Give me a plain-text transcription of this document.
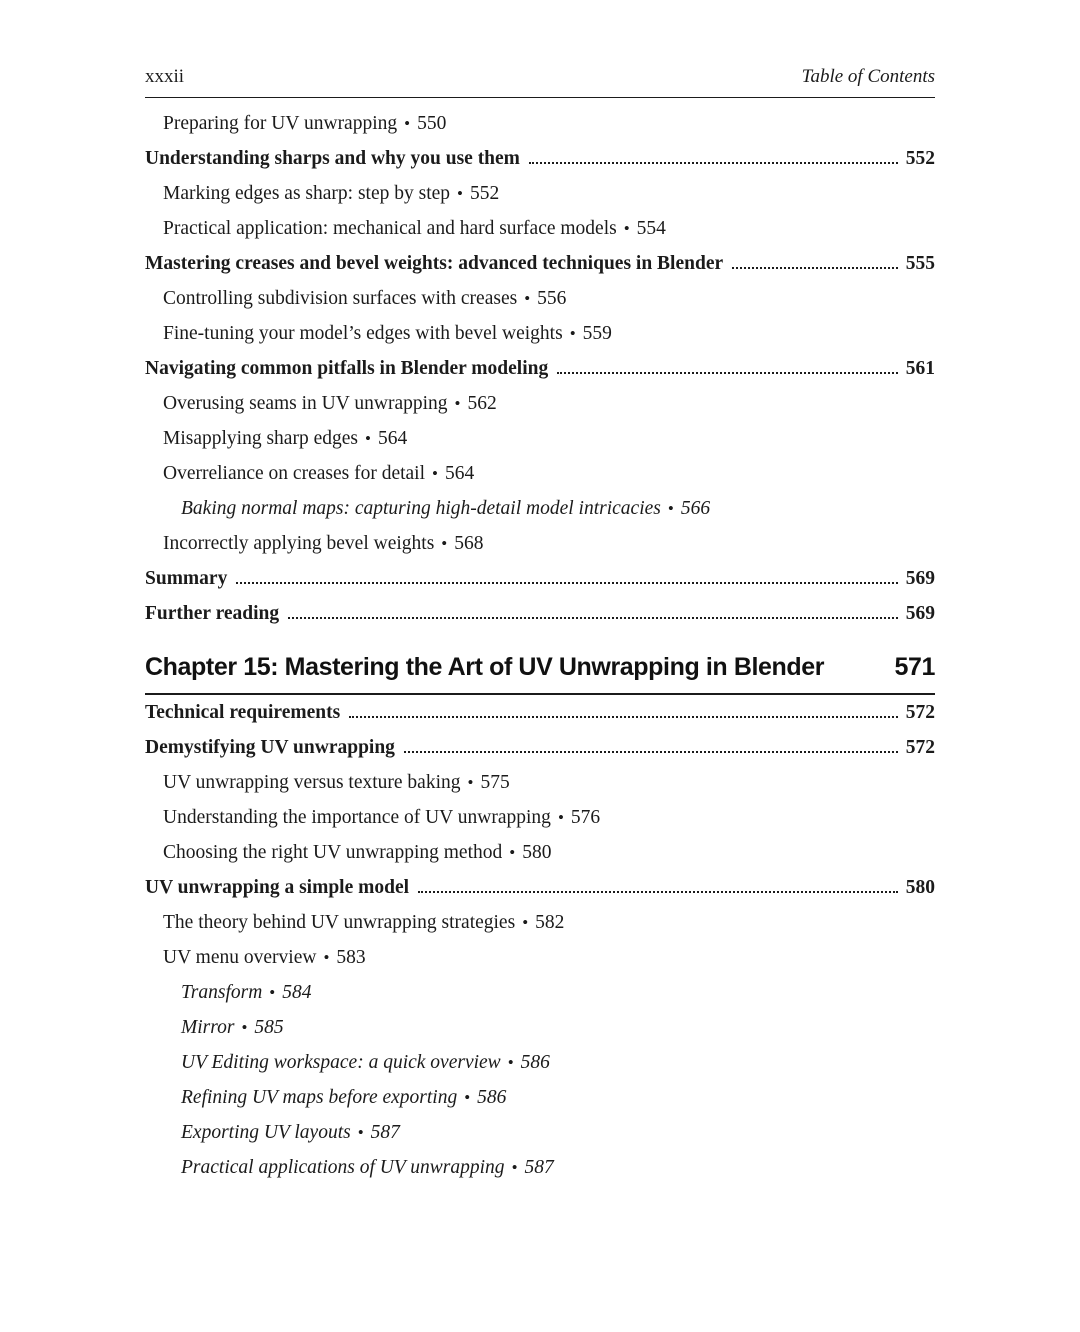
xxxii	Table of Contents
Preparing for UV unwrapping • 550
Understanding sharps and why you use them	552
Marking edges as sharp: step by step • 552
Practical application: mechanical and hard surface models • 554
Mastering creases and bevel weights: advanced techniques in Blender	555
Controlling subdivision surfaces with creases • 556
Fine-tuning your model’s edges with bevel weights • 559
Navigating common pitfalls in Blender modeling	561
Overusing seams in UV unwrapping • 562
Misapplying sharp edges • 564
Overreliance on creases for detail • 564
Baking normal maps: capturing high-detail model intricacies • 566
Incorrectly applying bevel weights • 568
Summary	569
Further reading	569
Chapter 15: Mastering the Art of UV Unwrapping in Blender	571
Technical requirements	572
Demystifying UV unwrapping	572
UV unwrapping versus texture baking • 575
Understanding the importance of UV unwrapping • 576
Choosing the right UV unwrapping method • 580
UV unwrapping a simple model	580
The theory behind UV unwrapping strategies • 582
UV menu overview • 583
Transform • 584
Mirror • 585
UV Editing workspace: a quick overview • 586
Refining UV maps before exporting • 586
Exporting UV layouts • 587
Practical applications of UV unwrapping • 587
